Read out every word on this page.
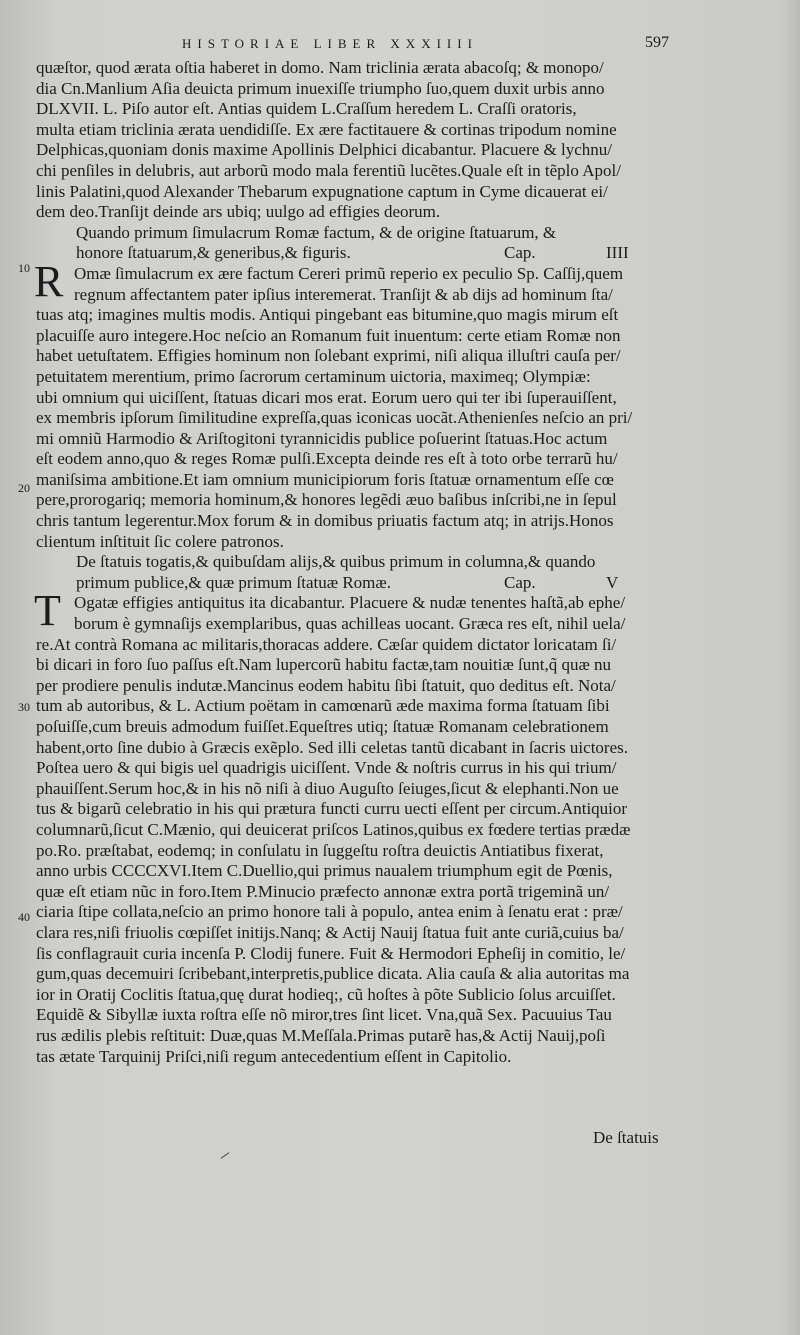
HISTORIAE LIBER XXXIIII	597
10
20
30
40
quæſtor, quod ærata oſtia haberet in domo. Nam triclinia ærata abacoſq; & monopo/
dia Cn.Manlium Aſia deuicta primum inuexiſſe triumpho ſuo,quem duxit urbis anno
DLXVII. L. Piſo autor eſt. Antias quidem L.Craſſum heredem L. Craſſi oratoris,
multa etiam triclinia ærata uendidiſſe. Ex ære factitauere & cortinas tripodum nomine
Delphicas,quoniam donis maxime Apollinis Delphici dicabantur. Placuere & lychnu/
chi penſiles in delubris, aut arborũ modo mala ferentiũ lucẽtes.Quale eſt in tẽplo Apol/
linis Palatini,quod Alexander Thebarum expugnatione captum in Cyme dicauerat ei/
dem deo.Tranſijt deinde ars ubiq; uulgo ad effigies deorum.
Quando primum ſimulacrum Romæ factum, & de origine ſtatuarum, &
honore ſtatuarum,& generibus,& figuris.	Cap.	IIII
R Omæ ſimulacrum ex ære factum Cereri primũ reperio ex peculio Sp. Caſſij,quem
regnum affectantem pater ipſius interemerat. Tranſijt & ab dijs ad hominum ſta/
tuas atq; imagines multis modis. Antiqui pingebant eas bitumine,quo magis mirum eſt
placuiſſe auro integere.Hoc neſcio an Romanum fuit inuentum: certe etiam Romæ non
habet uetuſtatem. Effigies hominum non ſolebant exprimi, niſi aliqua illuſtri cauſa per/
petuitatem merentium, primo ſacrorum certaminum uictoria, maximeq; Olympiæ:
ubi omnium qui uiciſſent, ſtatuas dicari mos erat. Eorum uero qui ter ibi ſuperauiſſent,
ex membris ipſorum ſimilitudine expreſſa,quas iconicas uocãt.Athenienſes neſcio an pri/
mi omniũ Harmodio & Ariſtogitoni tyrannicidis publice poſuerint ſtatuas.Hoc actum
eſt eodem anno,quo & reges Romæ pulſi.Excepta deinde res eſt à toto orbe terrarũ hu/
maniſsima ambitione.Et iam omnium municipiorum foris ſtatuæ ornamentum eſſe cœ
pere,prorogariq; memoria hominum,& honores legẽdi æuo baſibus inſcribi,ne in ſepul
chris tantum legerentur.Mox forum & in domibus priuatis factum atq; in atrijs.Honos
clientum inſtituit ſic colere patronos.
De ſtatuis togatis,& quibuſdam alijs,& quibus primum in columna,& quando
primum publice,& quæ primum ſtatuæ Romæ.	Cap.	V
T Ogatæ effigies antiquitus ita dicabantur. Placuere & nudæ tenentes haſtã,ab ephe/
borum è gymnaſijs exemplaribus, quas achilleas uocant. Græca res eſt, nihil uela/
re.At contrà Romana ac militaris,thoracas addere. Cæſar quidem dictator loricatam ſi/
bi dicari in foro ſuo paſſus eſt.Nam lupercorũ habitu factæ,tam nouitiæ ſunt,q̃ quæ nu
per prodiere penulis indutæ.Mancinus eodem habitu ſibi ſtatuit, quo deditus eſt. Nota/
tum ab autoribus, & L. Actium poëtam in camœnarũ æde maxima forma ſtatuam ſibi
poſuiſſe,cum breuis admodum fuiſſet.Equeſtres utiq; ſtatuæ Romanam celebrationem
habent,orto ſine dubio à Græcis exẽplo. Sed illi celetas tantũ dicabant in ſacris uictores.
Poſtea uero & qui bigis uel quadrigis uiciſſent. Vnde & noſtris currus in his qui trium/
phauiſſent.Serum hoc,& in his nõ niſi à diuo Auguſto ſeiuges,ſicut & elephanti.Non ue
tus & bigarũ celebratio in his qui prætura functi curru uecti eſſent per circum.Antiquior
columnarũ,ſicut C.Mænio, qui deuicerat priſcos Latinos,quibus ex fœdere tertias prædæ
po.Ro. præſtabat, eodemq; in conſulatu in ſuggeſtu roſtra deuictis Antiatibus fixerat,
anno urbis CCCCXVI.Item C.Duellio,qui primus naualem triumphum egit de Pœnis,
quæ eſt etiam nũc in foro.Item P.Minucio præfecto annonæ extra portã trigeminã un/
ciaria ſtipe collata,neſcio an primo honore tali à populo, antea enim à ſenatu erat : præ/
clara res,niſi friuolis cœpiſſet initijs.Nanq; & Actij Nauij ſtatua fuit ante curiã,cuius ba/
ſis conflagrauit curia incenſa P. Clodij funere. Fuit & Hermodori Epheſij in comitio, le/
gum,quas decemuiri ſcribebant,interpretis,publice dicata. Alia cauſa & alia autoritas ma
ior in Oratij Coclitis ſtatua,quę durat hodieq;, cũ hoſtes à põte Sublicio ſolus arcuiſſet.
Equidẽ & Sibyllæ iuxta roſtra eſſe nõ miror,tres ſint licet. Vna,quã Sex. Pacuuius Tau
rus ædilis plebis reſtituit: Duæ,quas M.Meſſala.Primas putarẽ has,& Actij Nauij,poſi
tas ætate Tarquinij Priſci,niſi regum antecedentium eſſent in Capitolio.
De ſtatuis
